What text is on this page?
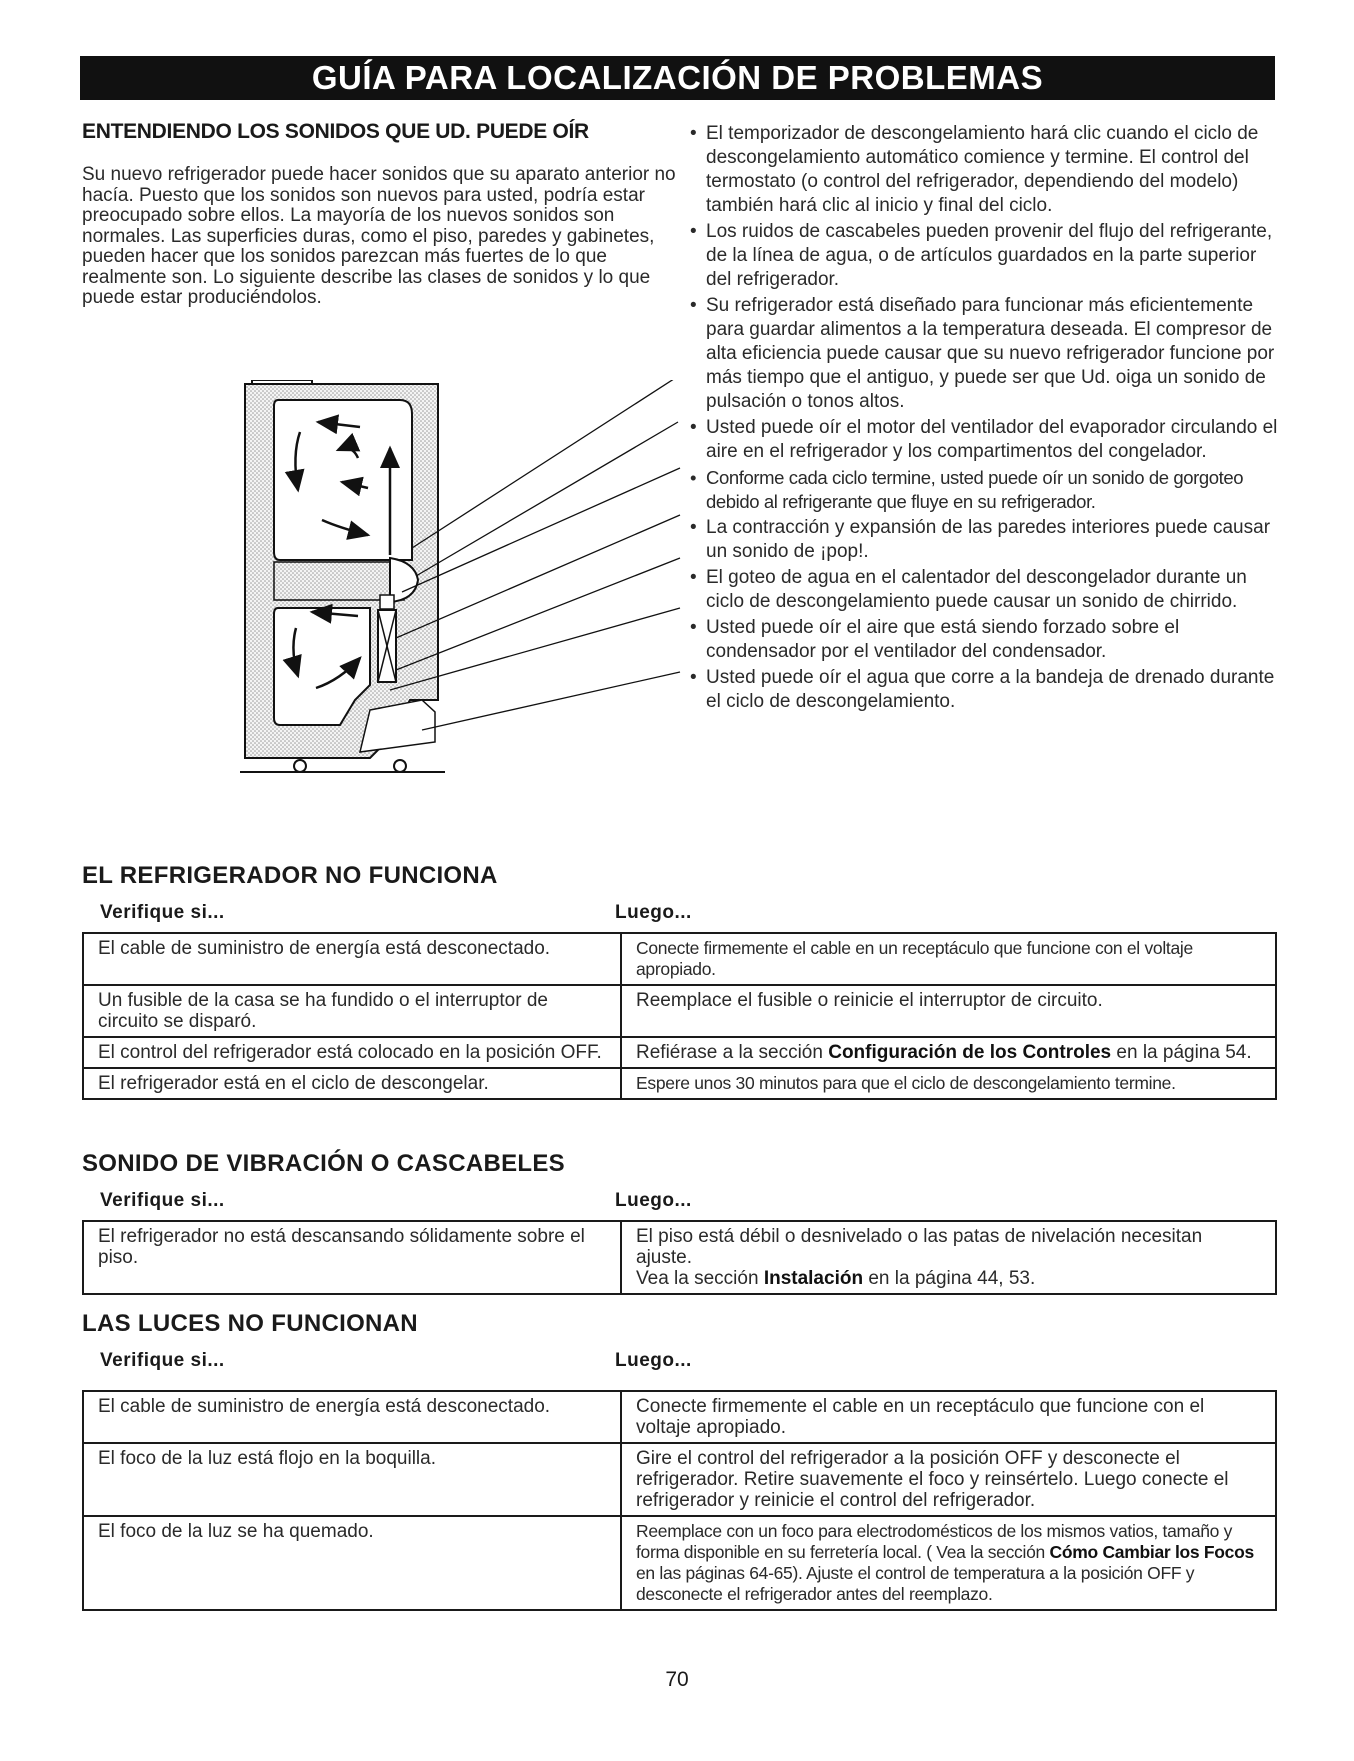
GUÍA PARA LOCALIZACIÓN DE PROBLEMAS
ENTENDIENDO LOS SONIDOS QUE UD. PUEDE OÍR

Su nuevo refrigerador puede hacer sonidos que su aparato anterior no hacía. Puesto que los sonidos son nuevos para usted, podría estar preocupado sobre ellos. La mayoría de los nuevos sonidos son normales. Las superficies duras, como el piso, paredes y gabinetes, pueden hacer que los sonidos parezcan más fuertes de lo que realmente son. Lo siguiente describe las clases de sonidos y lo que puede estar produciéndolos.

• El temporizador de descongelamiento hará clic cuando el ciclo de descongelamiento automático comience y termine. El control del termostato (o control del refrigerador, dependiendo del modelo) también hará clic al inicio y final del ciclo.
• Los ruidos de cascabeles pueden provenir del flujo del refrigerante, de la línea de agua, o de artículos guardados en la parte superior del refrigerador.
• Su refrigerador está diseñado para funcionar más eficientemente para guardar alimentos a la temperatura deseada. El compresor de alta eficiencia puede causar que su nuevo refrigerador funcione por más tiempo que el antiguo, y puede ser que Ud. oiga un sonido de pulsación o tonos altos.
• Usted puede oír el motor del ventilador del evaporador circulando el aire en el refrigerador y los compartimentos del congelador.
• Conforme cada ciclo termine, usted puede oír un sonido de gorgoteo debido al refrigerante que fluye en su refrigerador.
• La contracción y expansión de las paredes interiores puede causar un sonido de ¡pop!.
• El goteo de agua en el calentador del descongelador durante un ciclo de descongelamiento puede causar un sonido de chirrido.
• Usted puede oír el aire que está siendo forzado sobre el condensador por el ventilador del condensador.
• Usted puede oír el agua que corre a la bandeja de drenado durante el ciclo de descongelamiento.
EL REFRIGERADOR NO FUNCIONA
Verifique si...	Luego...
El cable de suministro de energía está desconectado.	Conecte firmemente el cable en un receptáculo que funcione con el voltaje apropiado.
Un fusible de la casa se ha fundido o el interruptor de circuito se disparó.	Reemplace el fusible o reinicie el interruptor de circuito.
El control del refrigerador está colocado en la posición OFF.	Refiérase a la sección Configuración de los Controles en la página 54.
El refrigerador está en el ciclo de descongelar.	Espere unos 30 minutos para que el ciclo de descongelamiento termine.
SONIDO DE VIBRACIÓN O CASCABELES
Verifique si...	Luego...
El refrigerador no está descansando sólidamente sobre el piso.	El piso está débil o desnivelado o las patas de nivelación necesitan ajuste.
Vea la sección Instalación en la página 44, 53.
LAS LUCES NO FUNCIONAN
Verifique si...	Luego...
El cable de suministro de energía está desconectado.	Conecte firmemente el cable en un receptáculo que funcione con el voltaje apropiado.
El foco de la luz está flojo en la boquilla.	Gire el control del refrigerador a la posición OFF y desconecte el refrigerador. Retire suavemente el foco y reinsértelo. Luego conecte el refrigerador y reinicie el control del refrigerador.
El foco de la luz se ha quemado.	Reemplace con un foco para electrodomésticos de los mismos vatios, tamaño y forma disponible en su ferretería local. ( Vea la sección Cómo Cambiar los Focos en las páginas 64-65). Ajuste el control de temperatura a la posición OFF y desconecte el refrigerador antes del reemplazo.
70
